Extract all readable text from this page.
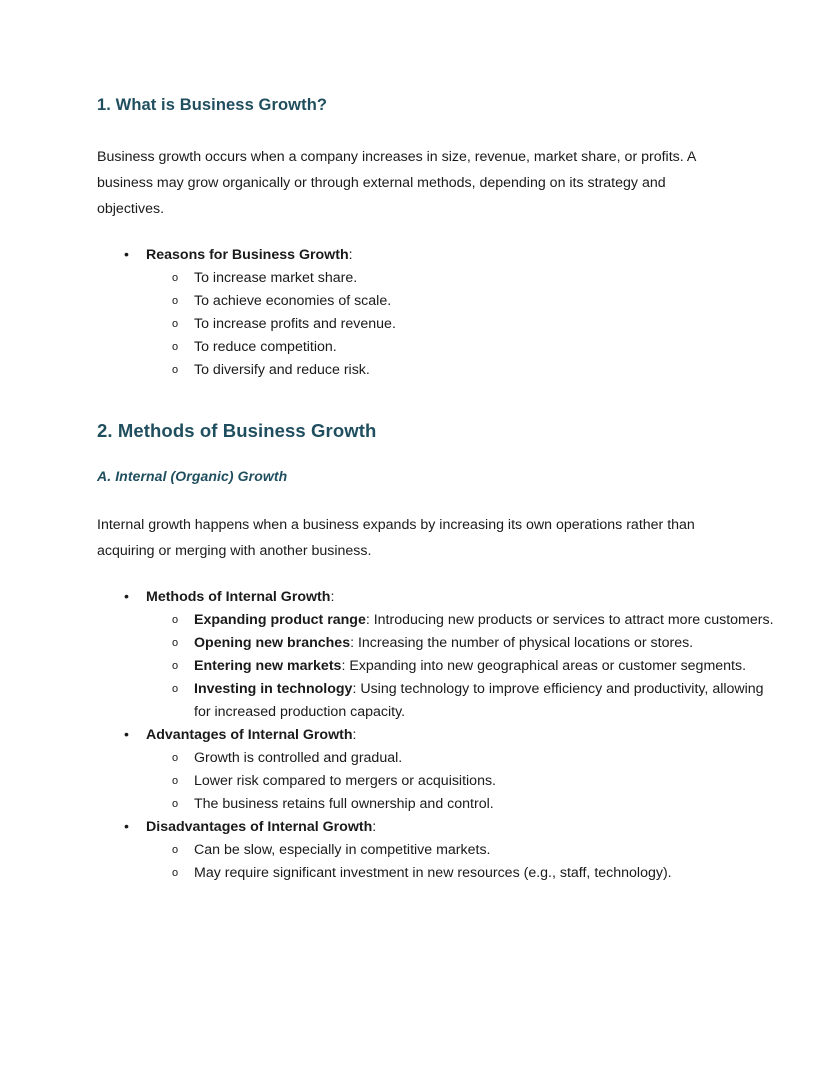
1. What is Business Growth?

Business growth occurs when a company increases in size, revenue, market share, or profits. A business may grow organically or through external methods, depending on its strategy and objectives.

• Reasons for Business Growth:
o To increase market share.
o To achieve economies of scale.
o To increase profits and revenue.
o To reduce competition.
o To diversify and reduce risk.
2. Methods of Business Growth
A. Internal (Organic) Growth

Internal growth happens when a business expands by increasing its own operations rather than acquiring or merging with another business.

• Methods of Internal Growth:
o Expanding product range: Introducing new products or services to attract more customers.
o Opening new branches: Increasing the number of physical locations or stores.
o Entering new markets: Expanding into new geographical areas or customer segments.
o Investing in technology: Using technology to improve efficiency and productivity, allowing for increased production capacity.
• Advantages of Internal Growth:
o Growth is controlled and gradual.
o Lower risk compared to mergers or acquisitions.
o The business retains full ownership and control.
• Disadvantages of Internal Growth:
o Can be slow, especially in competitive markets.
o May require significant investment in new resources (e.g., staff, technology).
